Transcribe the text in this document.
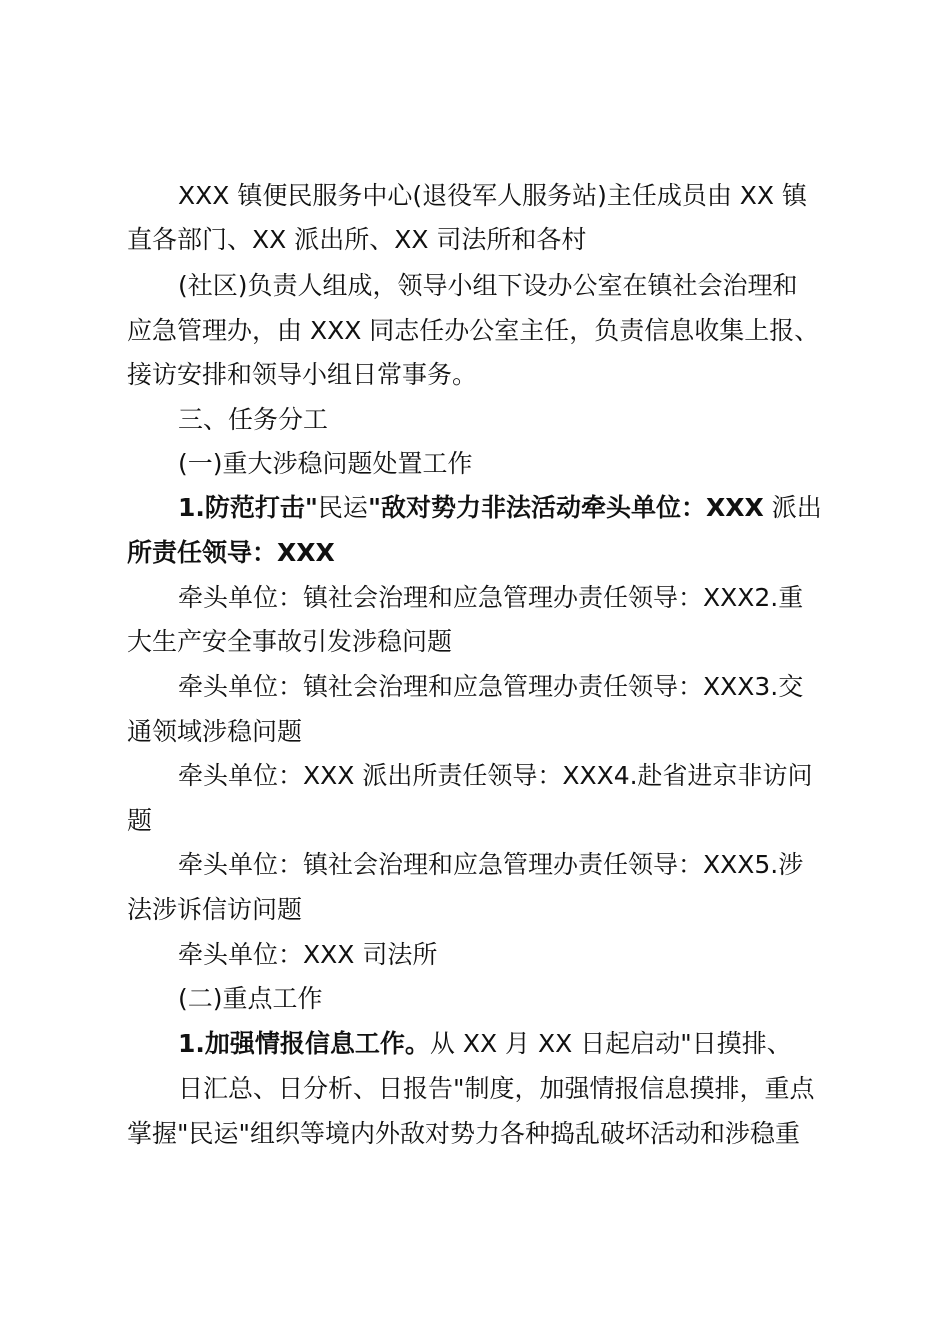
XXX 镇便民服务中心(退役军人服务站)主任成员由 XX 镇
直各部门、XX 派出所、XX 司法所和各村
(社区)负责人组成，领导小组下设办公室在镇社会治理和
应急管理办，由 XXX 同志任办公室主任，负责信息收集上报、
接访安排和领导小组日常事务。
三、任务分工
(一)重大涉稳问题处置工作
1.防范打击"民运"敌对势力非法活动牵头单位：XXX 派出
所责任领导：XXX
牵头单位：镇社会治理和应急管理办责任领导：XXX2.重
大生产安全事故引发涉稳问题
牵头单位：镇社会治理和应急管理办责任领导：XXX3.交
通领域涉稳问题
牵头单位：XXX 派出所责任领导：XXX4.赴省进京非访问
题
牵头单位：镇社会治理和应急管理办责任领导：XXX5.涉
法涉诉信访问题
牵头单位：XXX 司法所
(二)重点工作
1.加强情报信息工作。从 XX 月 XX 日起启动"日摸排、
日汇总、日分析、日报告"制度，加强情报信息摸排，重点
掌握"民运"组织等境内外敌对势力各种捣乱破坏活动和涉稳重
